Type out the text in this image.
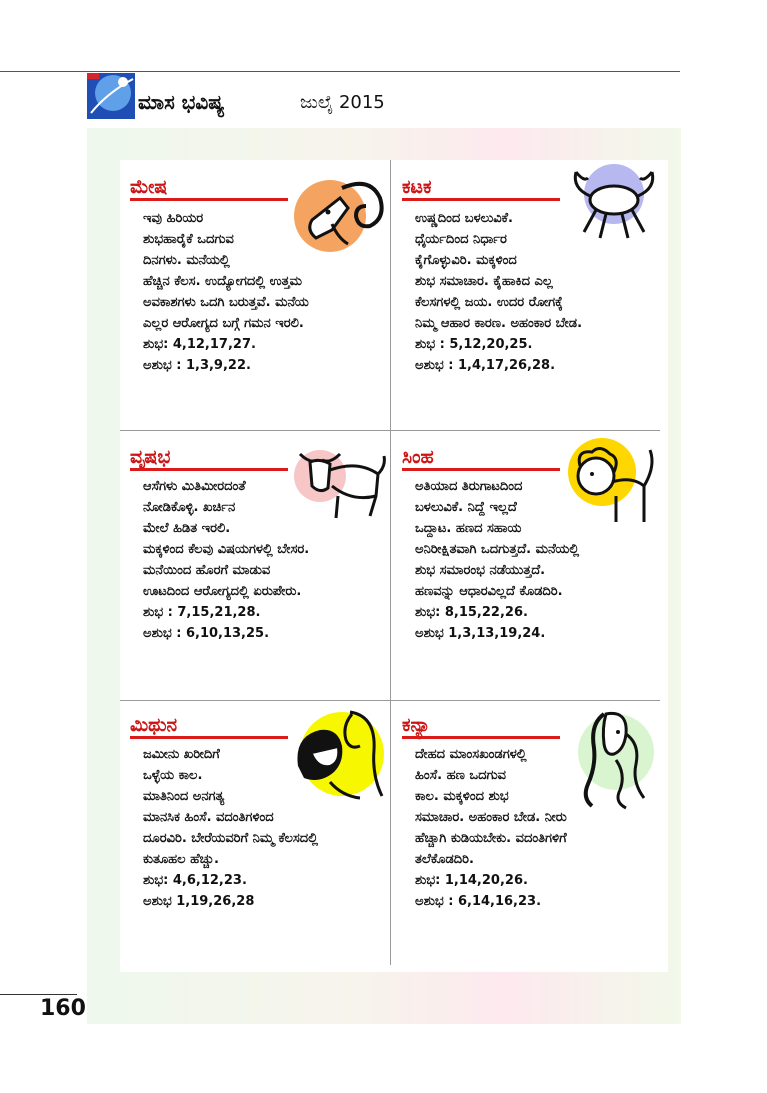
ಮಾಸ ಭವಿಷ್ಯ	ಜುಲೈ 2015
ಮೇಷ
ಇವು ಹಿರಿಯರ
ಶುಭಹಾರೈಕೆ ಒದಗುವ
ದಿನಗಳು. ಮನೆಯಲ್ಲಿ
ಹೆಚ್ಚಿನ ಕೆಲಸ. ಉದ್ಯೋಗದಲ್ಲಿ ಉತ್ತಮ
ಅವಕಾಶಗಳು ಒದಗಿ ಬರುತ್ತವೆ. ಮನೆಯ
ಎಲ್ಲರ ಆರೋಗ್ಯದ ಬಗ್ಗೆ ಗಮನ ಇರಲಿ.
ಶುಭ: 4,12,17,27.
ಅಶುಭ : 1,3,9,22.
ಕಟಕ
ಉಷ್ಣದಿಂದ ಬಳಲುವಿಕೆ.
ಧೈರ್ಯದಿಂದ ನಿರ್ಧಾರ
ಕೈಗೊಳ್ಳುವಿರಿ. ಮಕ್ಕಳಿಂದ
ಶುಭ ಸಮಾಚಾರ. ಕೈಹಾಕಿದ ಎಲ್ಲ
ಕೆಲಸಗಳಲ್ಲಿ ಜಯ. ಉದರ ರೋಗಕ್ಕೆ
ನಿಮ್ಮ ಆಹಾರ ಕಾರಣ. ಅಹಂಕಾರ ಬೇಡ.
ಶುಭ : 5,12,20,25.
ಅಶುಭ : 1,4,17,26,28.
ವೃಷಭ
ಆಸೆಗಳು ಮಿತಿಮೀರದಂತೆ
ನೋಡಿಕೊಳ್ಳಿ. ಖರ್ಚಿನ
ಮೇಲೆ ಹಿಡಿತ ಇರಲಿ.
ಮಕ್ಕಳಿಂದ ಕೆಲವು ವಿಷಯಗಳಲ್ಲಿ ಬೇಸರ.
ಮನೆಯಿಂದ ಹೊರಗೆ ಮಾಡುವ
ಊಟದಿಂದ ಆರೋಗ್ಯದಲ್ಲಿ ಏರುಪೇರು.
ಶುಭ : 7,15,21,28.
ಅಶುಭ : 6,10,13,25.
ಸಿಂಹ
ಅತಿಯಾದ ತಿರುಗಾಟದಿಂದ
ಬಳಲುವಿಕೆ. ನಿದ್ದೆ ಇಲ್ಲದೆ
ಒದ್ದಾಟ. ಹಣದ ಸಹಾಯ
ಅನಿರೀಕ್ಷಿತವಾಗಿ ಒದಗುತ್ತದೆ. ಮನೆಯಲ್ಲಿ
ಶುಭ ಸಮಾರಂಭ ನಡೆಯುತ್ತದೆ.
ಹಣವನ್ನು ಆಧಾರವಿಲ್ಲದೆ ಕೊಡದಿರಿ.
ಶುಭ: 8,15,22,26.
ಅಶುಭ 1,3,13,19,24.
ಮಿಥುನ
ಜಮೀನು ಖರೀದಿಗೆ
ಒಳ್ಳೆಯ ಕಾಲ.
ಮಾತಿನಿಂದ ಅನಗತ್ಯ
ಮಾನಸಿಕ ಹಿಂಸೆ. ವದಂತಿಗಳಿಂದ
ದೂರವಿರಿ. ಬೇರೆಯವರಿಗೆ ನಿಮ್ಮ ಕೆಲಸದಲ್ಲಿ
ಕುತೂಹಲ ಹೆಚ್ಚು.
ಶುಭ: 4,6,12,23.
ಅಶುಭ 1,19,26,28
ಕನ್ಯಾ
ದೇಹದ ಮಾಂಸಖಂಡಗಳಲ್ಲಿ
ಹಿಂಸೆ. ಹಣ ಒದಗುವ
ಕಾಲ. ಮಕ್ಕಳಿಂದ ಶುಭ
ಸಮಾಚಾರ. ಅಹಂಕಾರ ಬೇಡ. ನೀರು
ಹೆಚ್ಚಾಗಿ ಕುಡಿಯಬೇಕು. ವದಂತಿಗಳಿಗೆ
ತಲೆಕೊಡದಿರಿ.
ಶುಭ: 1,14,20,26.
ಅಶುಭ : 6,14,16,23.
160
